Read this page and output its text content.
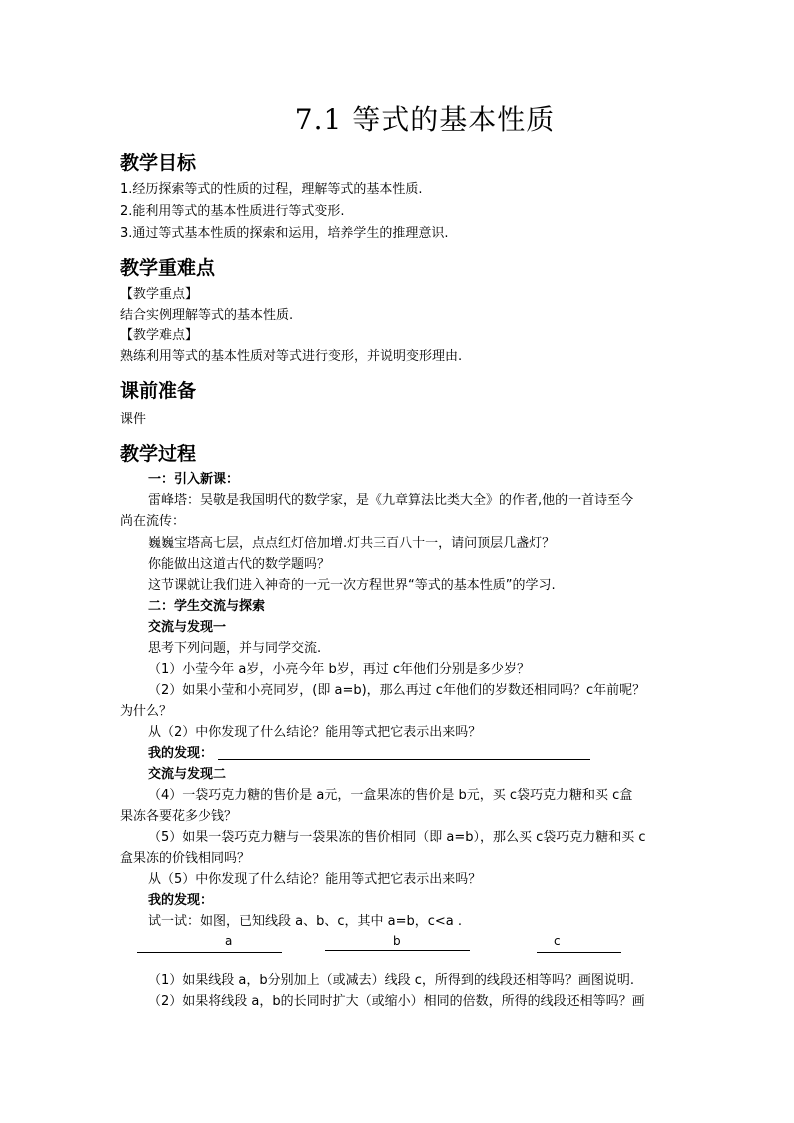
7.1 等式的基本性质
教学目标
1.经历探索等式的性质的过程，理解等式的基本性质.
2.能利用等式的基本性质进行等式变形.
3.通过等式基本性质的探索和运用，培养学生的推理意识.
教学重难点
【教学重点】
结合实例理解等式的基本性质.
【教学难点】
熟练利用等式的基本性质对等式进行变形，并说明变形理由.
课前准备
课件
教学过程
一：引入新课：
雷峰塔：吴敬是我国明代的数学家，是《九章算法比类大全》的作者,他的一首诗至今
尚在流传：
巍巍宝塔高七层，点点红灯倍加增.灯共三百八十一，请问顶层几盏灯？
你能做出这道古代的数学题吗？
这节课就让我们进入神奇的一元一次方程世界“等式的基本性质”的学习.
二：学生交流与探索
交流与发现一
思考下列问题，并与同学交流.
（1）小莹今年 a岁，小亮今年 b岁，再过 c年他们分别是多少岁？
（2）如果小莹和小亮同岁，(即 a=b)，那么再过 c年他们的岁数还相同吗？c年前呢？
为什么？
从（2）中你发现了什么结论？能用等式把它表示出来吗？
我的发现：
交流与发现二
（4）一袋巧克力糖的售价是 a元，一盒果冻的售价是 b元，买 c袋巧克力糖和买 c盒
果冻各要花多少钱？
（5）如果一袋巧克力糖与一袋果冻的售价相同（即 a=b），那么买 c袋巧克力糖和买 c
盒果冻的价钱相同吗？
从（5）中你发现了什么结论？能用等式把它表示出来吗？
我的发现：
试一试：如图，已知线段 a、b、c，其中 a=b，c<a .
a	b	c
（1）如果线段 a，b分别加上（或减去）线段 c，所得到的线段还相等吗？画图说明.
（2）如果将线段 a，b的长同时扩大（或缩小）相同的倍数，所得的线段还相等吗？画
